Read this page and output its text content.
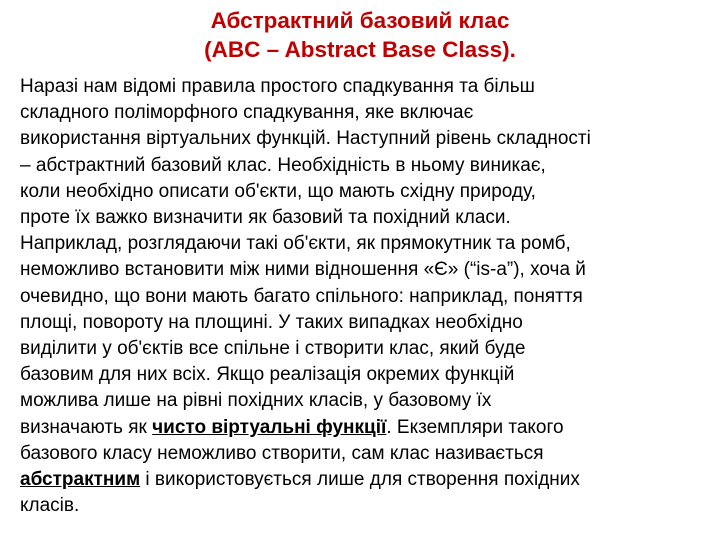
Абстрактний базовий клас
(ABC – Abstract Base Class).
Наразі нам відомі правила простого спадкування та більш
складного поліморфного спадкування, яке включає
використання віртуальних функцій. Наступний рівень складності
– абстрактний базовий клас. Необхідність в ньому виникає,
коли необхідно описати об'єкти, що мають східну природу,
проте їх важко визначити як базовий та похідний класи.
Наприклад, розглядаючи такі об'єкти, як прямокутник та ромб,
неможливо встановити між ними відношення «Є» (“is-a”), хоча й
очевидно, що вони мають багато спільного: наприклад, поняття
площі, повороту на площині. У таких випадках необхідно
виділити у об'єктів все спільне і створити клас, який буде
базовим для них всіх. Якщо реалізація окремих функцій
можлива лише на рівні похідних класів, у базовому їх
визначають як чисто віртуальні функції. Екземпляри такого
базового класу неможливо створити, сам клас називається
абстрактним і використовується лише для створення похідних
класів.
